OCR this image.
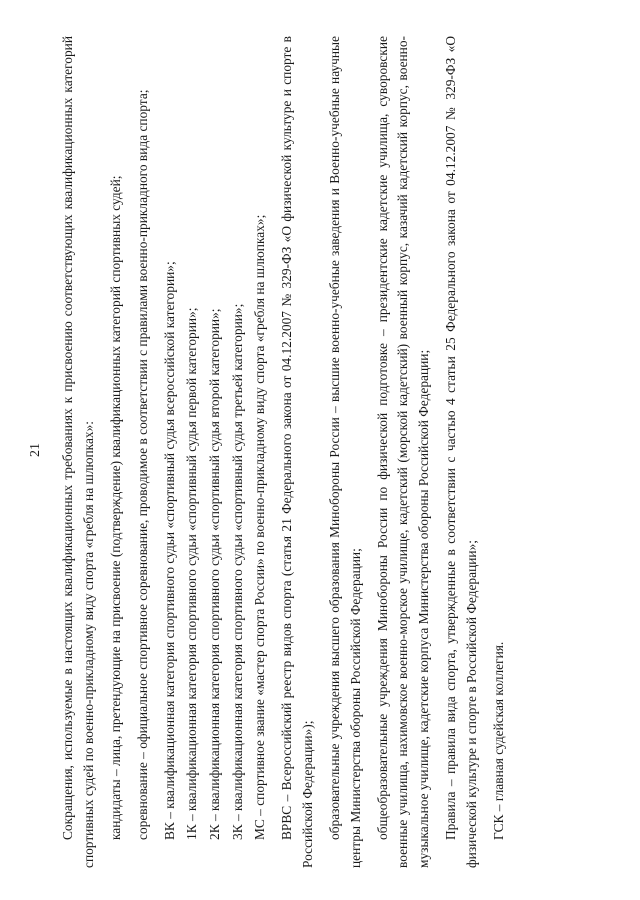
21 Сокращения, используемые в настоящих квалификационных требованиях к присвоению соответствующих квалификационных категорий спортивных судей по военно-прикладному виду спорта «гребля на шлюпках»: кандидаты – лица, претендующие на присвоение (подтверждение) квалификационных категорий спортивных судей; соревнование – официальное спортивное соревнование, проводимое в соответствии с правилами военно-прикладного вида спорта; ВК – квалификационная категория спортивного судьи «спортивный судья всероссийской категории»; 1К – квалификационная категория спортивного судьи «спортивный судья первой категории»; 2К – квалификационная категория спортивного судьи «спортивный судья второй категории»; 3К – квалификационная категория спортивного судьи «спортивный судья третьей категории»; МС – спортивное звание «мастер спорта России» по военно-прикладному виду спорта «гребля на шлюпках»; ВРВС – Всероссийский реестр видов спорта (статья 21 Федерального закона от 04.12.2007 № 329-ФЗ «О физической культуре и спорте в Российской Федерации»); образовательные учреждения высшего образования Минобороны России – высшие военно-учебные заведения и Военно-учебные научные центры Министерства обороны Российской Федерации; общеобразовательные учреждения Минобороны России по физической подготовке – президентские кадетские училища, суворовские военные училища, нахимовское военно-морское училище, кадетский (морской кадетский) военный корпус, казачий кадетский корпус, военно-музыкальное училище, кадетские корпуса Министерства обороны Российской Федерации; Правила – правила вида спорта, утвержденные в соответствии с частью 4 статьи 25 Федерального закона от 04.12.2007 № 329-ФЗ «О физической культуре и спорте в Российской Федерации»; ГСК – главная судейская коллегия.
